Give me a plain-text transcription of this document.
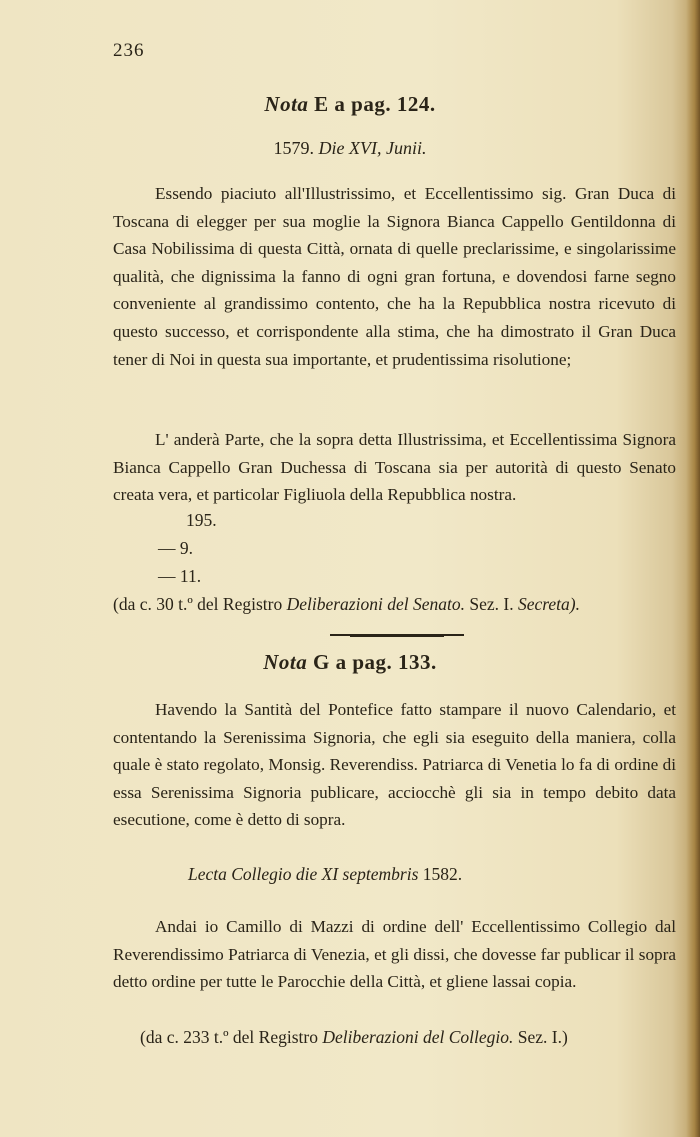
236
Nota E a pag. 124.
1579. Die XVI, Junii.

Essendo piaciuto all'Illustrissimo, et Eccellentissimo sig. Gran Duca di Toscana di elegger per sua moglie la Signora Bianca Cappello Gentildonna di Casa Nobilissima di questa Città, ornata di quelle preclarissime, e singolarissime qualità, che dignissima la fanno di ogni gran fortuna, e dovendosi farne segno conveniente al grandissimo contento, che ha la Repubblica nostra ricevuto di questo successo, et corrispondente alla stima, che ha dimostrato il Gran Duca tener di Noi in questa sua importante, et prudentissima risolutione;

L' anderà Parte, che la sopra detta Illustrissima, et Eccellentissima Signora Bianca Cappello Gran Duchessa di Toscana sia per autorità di questo Senato creata vera, et particolar Figliuola della Repubblica nostra.

195.
— 9.
— 11.
(da c. 30 t.º del Registro Deliberazioni del Senato. Sez. I. Secreta).
Nota G a pag. 133.

Havendo la Santità del Pontefice fatto stampare il nuovo Calendario, et contentando la Serenissima Signoria, che egli sia eseguito della maniera, colla quale è stato regolato, Monsig. Reverendiss. Patriarca di Venetia lo fa di ordine di essa Serenissima Signoria publicare, acciocchè gli sia in tempo debito data esecutione, come è detto di sopra.

Lecta Collegio die XI septembris 1582.

Andai io Camillo di Mazzi di ordine dell' Eccellentissimo Collegio dal Reverendissimo Patriarca di Venezia, et gli dissi, che dovesse far publicar il sopra detto ordine per tutte le Parocchie della Città, et gliene lassai copia.

(da c. 233 t.º del Registro Deliberazioni del Collegio. Sez. I.)
